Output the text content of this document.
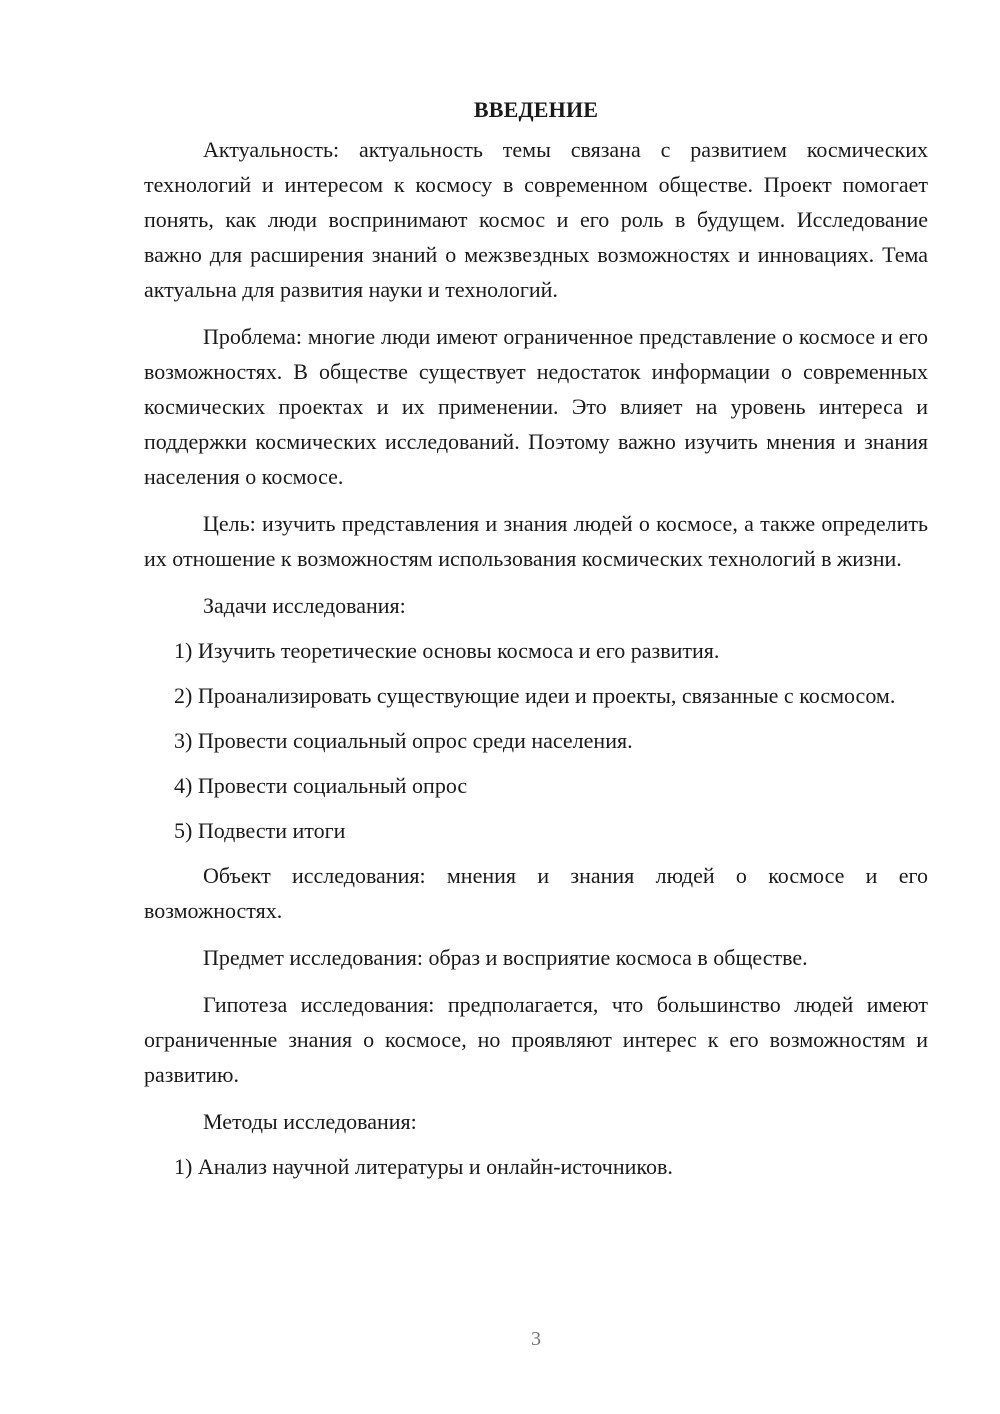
ВВЕДЕНИЕ

Актуальность: актуальность темы связана с развитием космических технологий и интересом к космосу в современном обществе. Проект помогает понять, как люди воспринимают космос и его роль в будущем. Исследование важно для расширения знаний о межзвездных возможностях и инновациях. Тема актуальна для развития науки и технологий.

Проблема: многие люди имеют ограниченное представление о космосе и его возможностях. В обществе существует недостаток информации о современных космических проектах и их применении. Это влияет на уровень интереса и поддержки космических исследований. Поэтому важно изучить мнения и знания населения о космосе.

Цель: изучить представления и знания людей о космосе, а также определить их отношение к возможностям использования космических технологий в жизни.

Задачи исследования:

1) Изучить теоретические основы космоса и его развития.

2) Проанализировать существующие идеи и проекты, связанные с космосом.

3) Провести социальный опрос среди населения.

4) Провести социальный опрос

5) Подвести итоги

Объект исследования: мнения и знания людей о космосе и его возможностях.

Предмет исследования: образ и восприятие космоса в обществе.

Гипотеза исследования: предполагается, что большинство людей имеют ограниченные знания о космосе, но проявляют интерес к его возможностям и развитию.

Методы исследования:

1) Анализ научной литературы и онлайн-источников.

3
